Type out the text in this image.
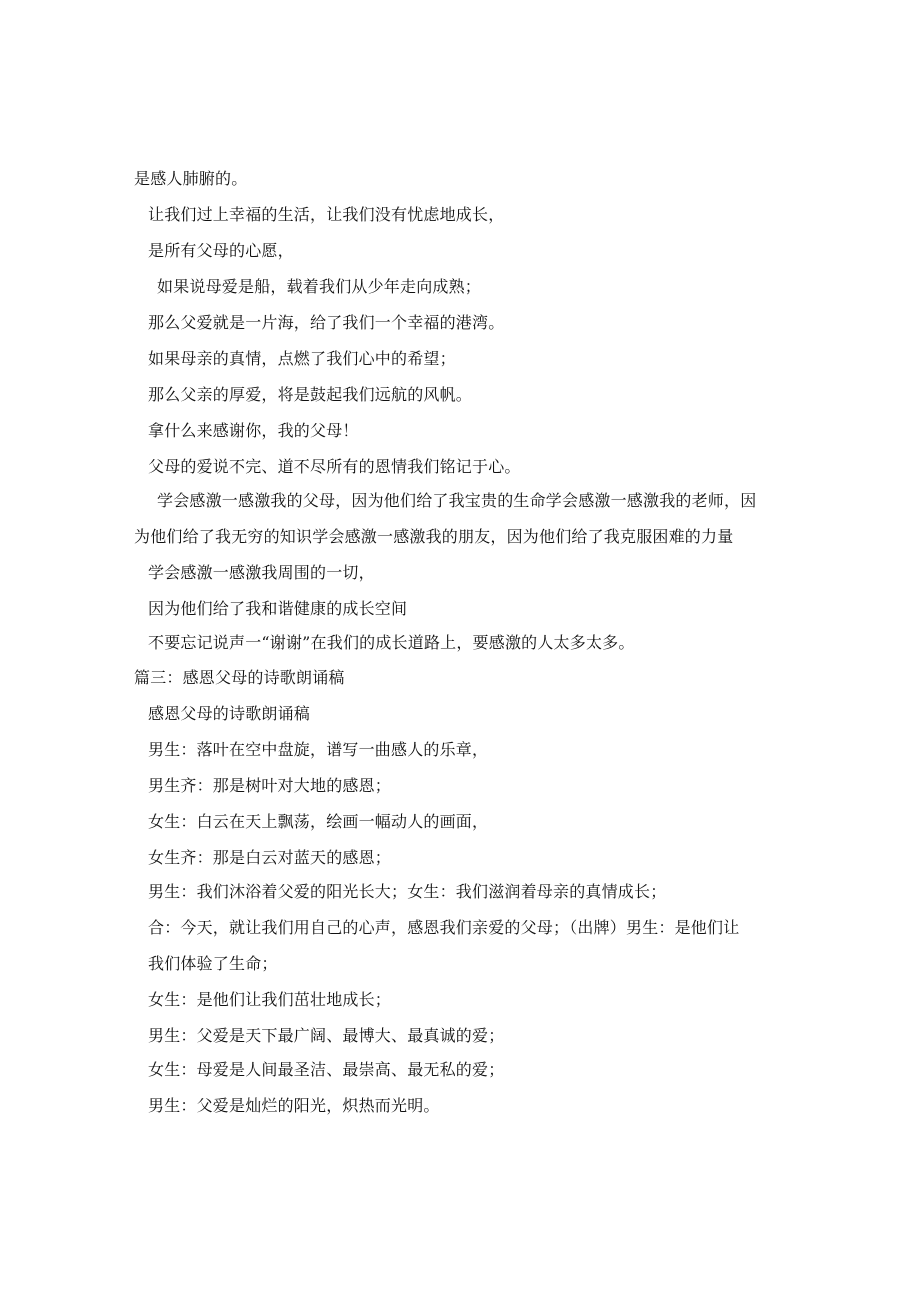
是感人肺腑的。
让我们过上幸福的生活，让我们没有忧虑地成长，
是所有父母的心愿，
如果说母爱是船，载着我们从少年走向成熟；
那么父爱就是一片海，给了我们一个幸福的港湾。
如果母亲的真情，点燃了我们心中的希望；
那么父亲的厚爱，将是鼓起我们远航的风帆。
拿什么来感谢你，我的父母！
父母的爱说不完、道不尽所有的恩情我们铭记于心。
学会感激一感激我的父母，因为他们给了我宝贵的生命学会感激一感激我的老师，因
为他们给了我无穷的知识学会感激一感激我的朋友，因为他们给了我克服困难的力量
学会感激一感激我周围的一切，
因为他们给了我和谐健康的成长空间
不要忘记说声一“谢谢”在我们的成长道路上，要感激的人太多太多。
篇三：感恩父母的诗歌朗诵稿
感恩父母的诗歌朗诵稿
男生：落叶在空中盘旋，谱写一曲感人的乐章，
男生齐：那是树叶对大地的感恩；
女生：白云在天上飘荡，绘画一幅动人的画面，
女生齐：那是白云对蓝天的感恩；
男生：我们沐浴着父爱的阳光长大；女生：我们滋润着母亲的真情成长；
合：今天，就让我们用自己的心声，感恩我们亲爱的父母；（出牌）男生：是他们让
我们体验了生命；
女生：是他们让我们茁壮地成长；
男生：父爱是天下最广阔、最博大、最真诚的爱；
女生：母爱是人间最圣洁、最崇高、最无私的爱；
男生：父爱是灿烂的阳光，炽热而光明。
